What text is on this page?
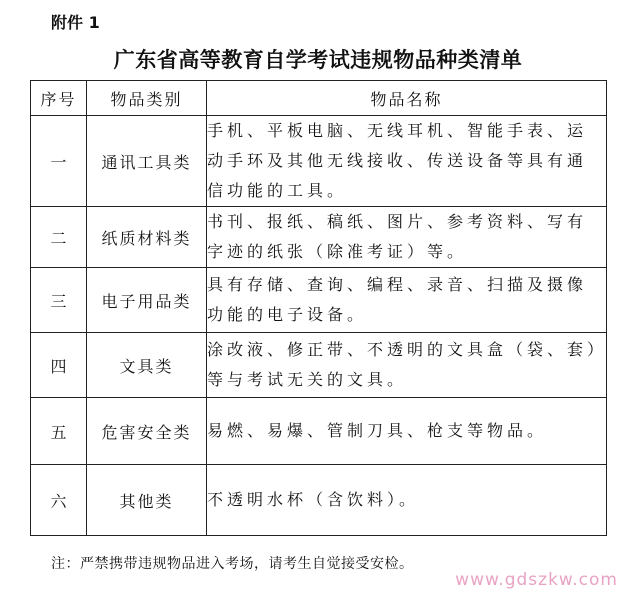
附件 1
广东省高等教育自学考试违规物品种类清单
序号	物品类别	物品名称
一	通讯工具类	手机、平板电脑、无线耳机、智能手表、运动手环及其他无线接收、传送设备等具有通信功能的工具。
二	纸质材料类	书刊、报纸、稿纸、图片、参考资料、写有字迹的纸张（除准考证）等。
三	电子用品类	具有存储、查询、编程、录音、扫描及摄像功能的电子设备。
四	文具类	涂改液、修正带、不透明的文具盒（袋、套）等与考试无关的文具。
五	危害安全类	易燃、易爆、管制刀具、枪支等物品。
六	其他类	不透明水杯（含饮料）。
注：严禁携带违规物品进入考场，请考生自觉接受安检。
www.gdszkw.com
